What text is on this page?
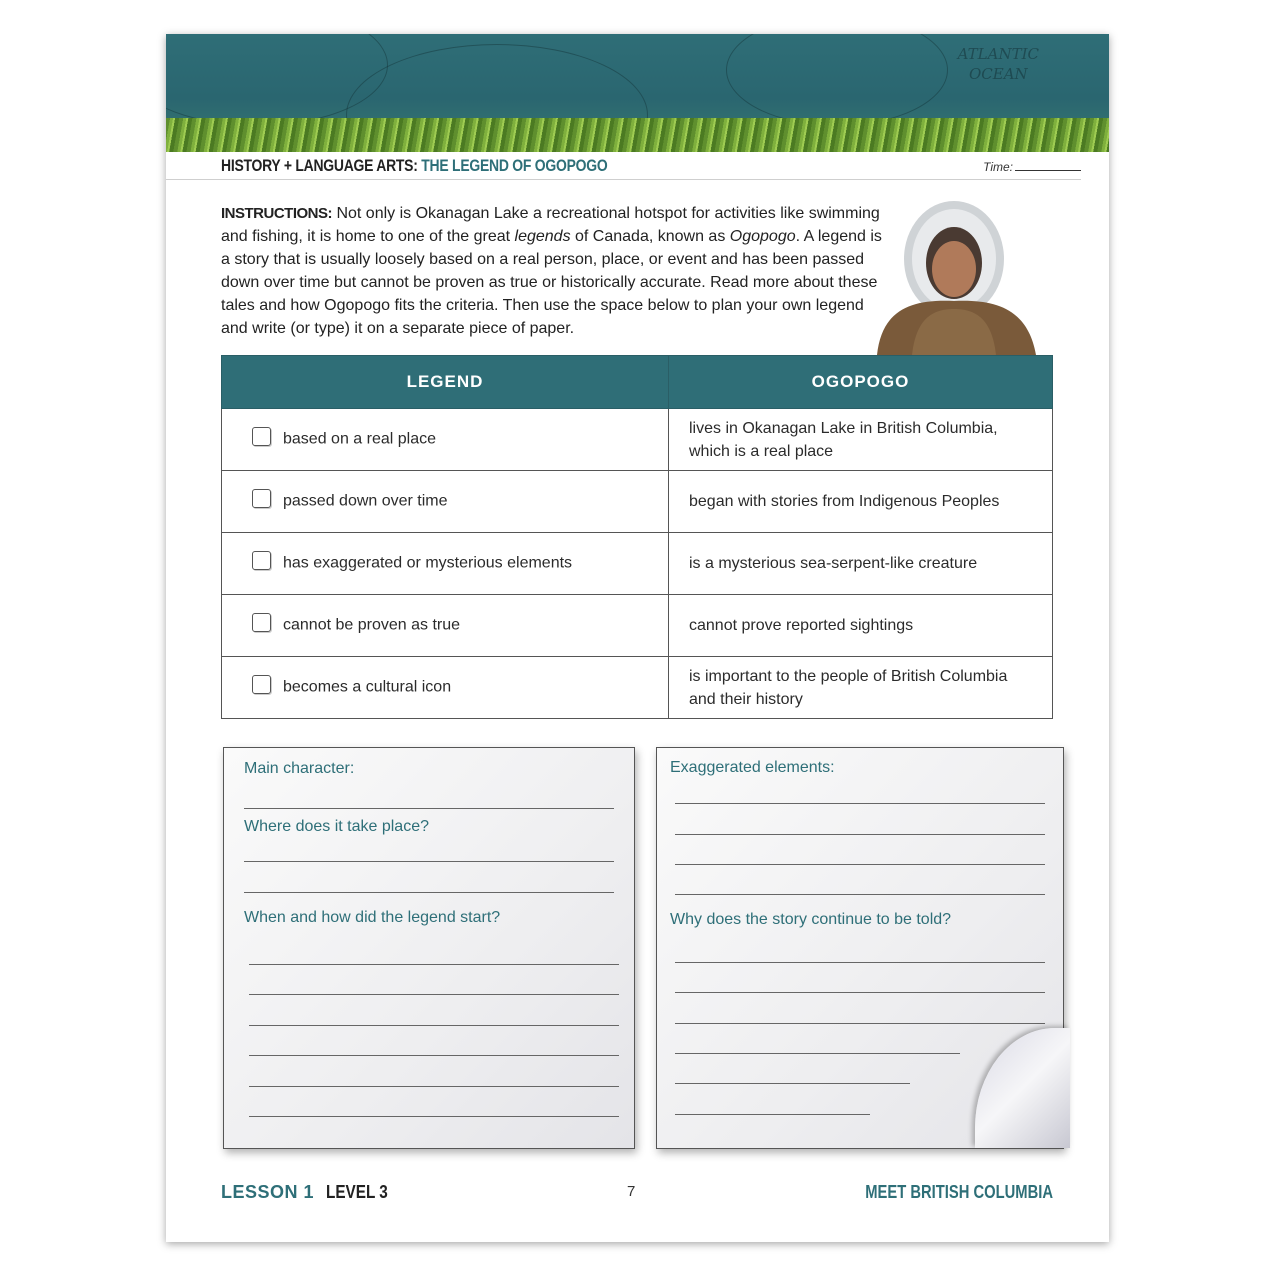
ATLANTIC
OCEAN
HISTORY + LANGUAGE ARTS: THE LEGEND OF OGOPOGO	Time:
INSTRUCTIONS: Not only is Okanagan Lake a recreational hotspot for activities like swimming and fishing, it is home to one of the great legends of Canada, known as Ogopogo. A legend is a story that is usually loosely based on a real person, place, or event and has been passed down over time but cannot be proven as true or historically accurate. Read more about these tales and how Ogopogo fits the criteria. Then use the space below to plan your own legend and write (or type) it on a separate piece of paper.
LEGEND	OGOPOGO
based on a real place	lives in Okanagan Lake in British Columbia, which is a real place
passed down over time	began with stories from Indigenous Peoples
has exaggerated or mysterious elements	is a mysterious sea-serpent-like creature
cannot be proven as true	cannot prove reported sightings
becomes a cultural icon	is important to the people of British Columbia and their history
Main character:
Where does it take place?
When and how did the legend start?
Exaggerated elements:
Why does the story continue to be told?
LESSON 1 LEVEL 3	7	MEET BRITISH COLUMBIA
